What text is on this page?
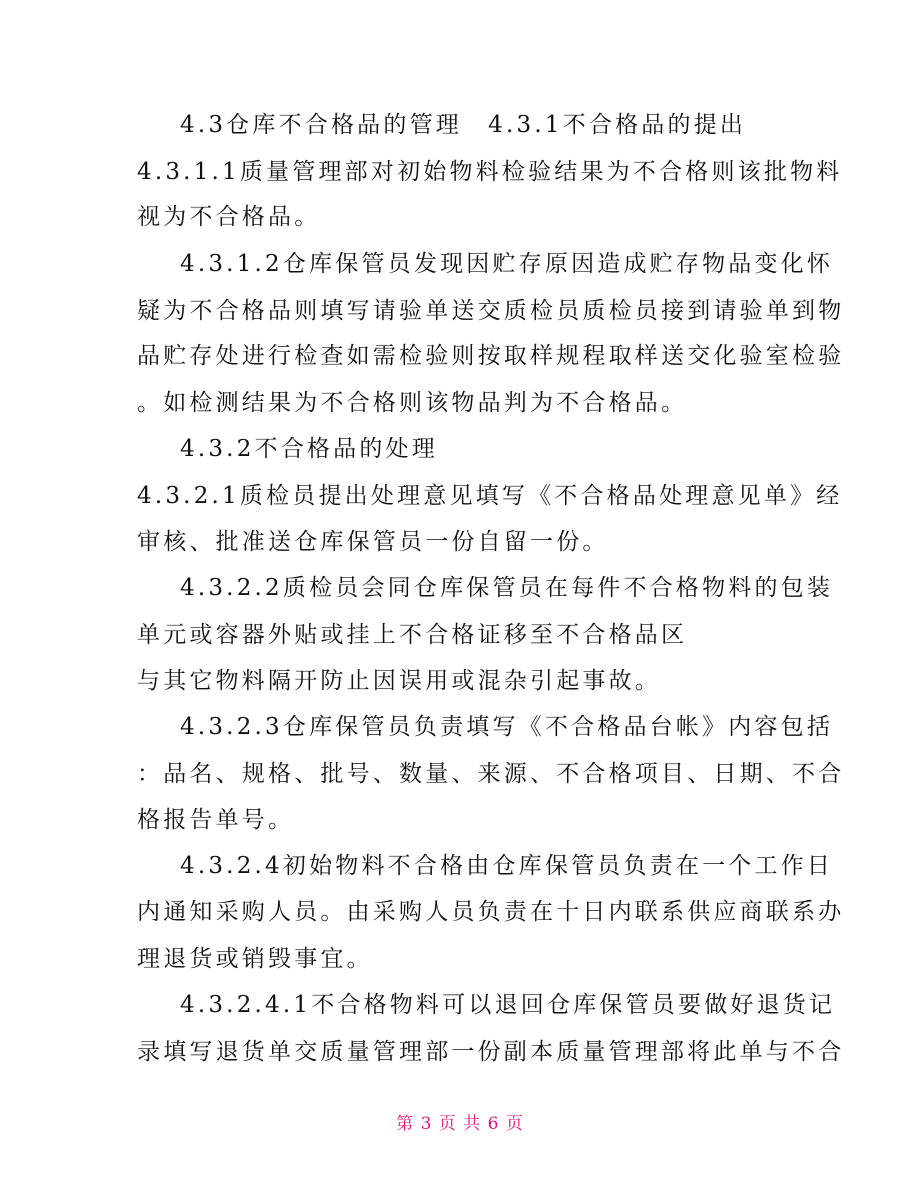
4.3仓库不合格品的管理　4.3.1不合格品的提出
4.3.1.1质量管理部对初始物料检验结果为不合格则该批物料
视为不合格品。
4.3.1.2仓库保管员发现因贮存原因造成贮存物品变化怀
疑为不合格品则填写请验单送交质检员质检员接到请验单到物
品贮存处进行检查如需检验则按取样规程取样送交化验室检验
。如检测结果为不合格则该物品判为不合格品。
4.3.2不合格品的处理
4.3.2.1质检员提出处理意见填写《不合格品处理意见单》经
审核、批准送仓库保管员一份自留一份。
4.3.2.2质检员会同仓库保管员在每件不合格物料的包装
单元或容器外贴或挂上不合格证移至不合格品区
与其它物料隔开防止因误用或混杂引起事故。
4.3.2.3仓库保管员负责填写《不合格品台帐》内容包括
：品名、规格、批号、数量、来源、不合格项目、日期、不合
格报告单号。
4.3.2.4初始物料不合格由仓库保管员负责在一个工作日
内通知采购人员。由采购人员负责在十日内联系供应商联系办
理退货或销毁事宜。
4.3.2.4.1不合格物料可以退回仓库保管员要做好退货记
录填写退货单交质量管理部一份副本质量管理部将此单与不合
第 3 页 共 6 页
